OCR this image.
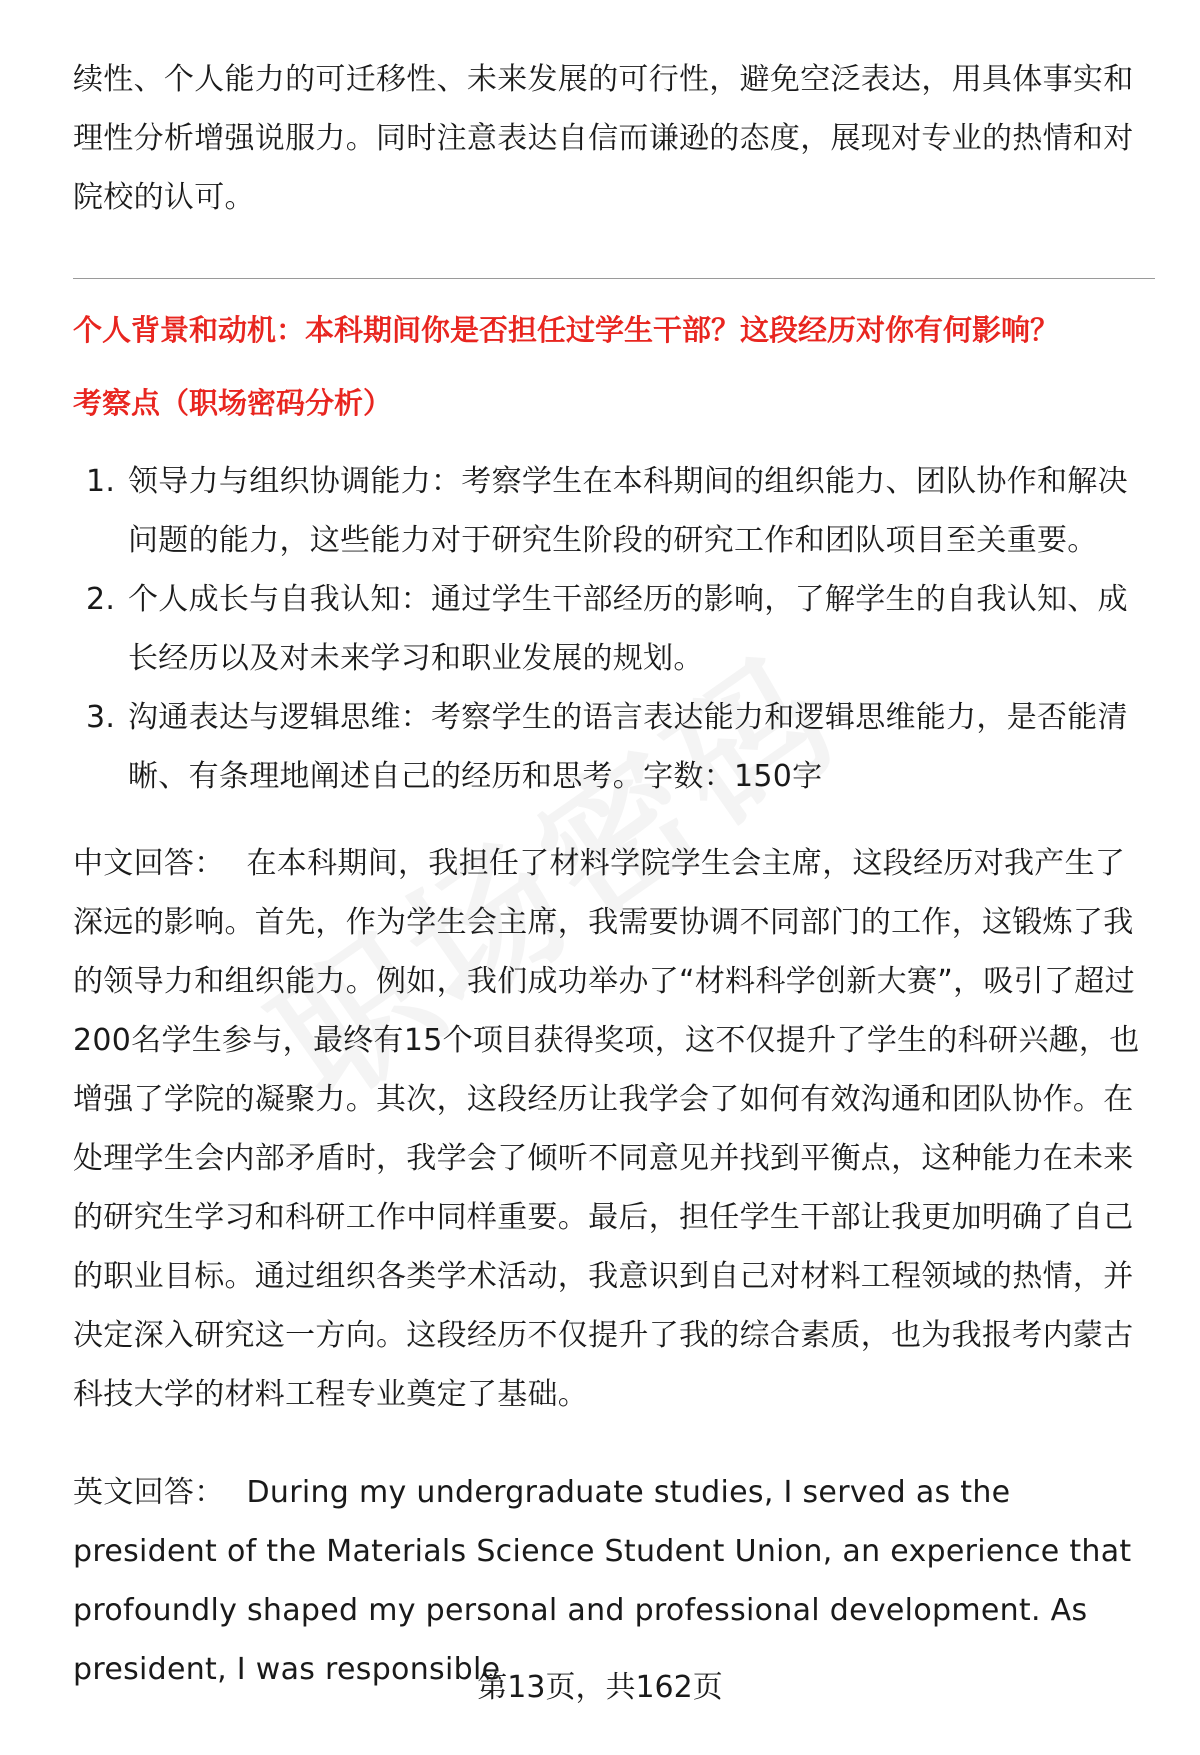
续性、个人能力的可迁移性、未来发展的可行性，避免空泛表达，用具体事实和理性分析增强说服力。同时注意表达自信而谦逊的态度，展现对专业的热情和对院校的认可。

个人背景和动机：本科期间你是否担任过学生干部？这段经历对你有何影响？
考察点（职场密码分析）
1. 领导力与组织协调能力：考察学生在本科期间的组织能力、团队协作和解决问题的能力，这些能力对于研究生阶段的研究工作和团队项目至关重要。
2. 个人成长与自我认知：通过学生干部经历的影响，了解学生的自我认知、成长经历以及对未来学习和职业发展的规划。
3. 沟通表达与逻辑思维：考察学生的语言表达能力和逻辑思维能力，是否能清晰、有条理地阐述自己的经历和思考。字数：150字

中文回答： 在本科期间，我担任了材料学院学生会主席，这段经历对我产生了深远的影响。首先，作为学生会主席，我需要协调不同部门的工作，这锻炼了我的领导力和组织能力。例如，我们成功举办了“材料科学创新大赛”，吸引了超过200名学生参与，最终有15个项目获得奖项，这不仅提升了学生的科研兴趣，也增强了学院的凝聚力。其次，这段经历让我学会了如何有效沟通和团队协作。在处理学生会内部矛盾时，我学会了倾听不同意见并找到平衡点，这种能力在未来的研究生学习和科研工作中同样重要。最后，担任学生干部让我更加明确了自己的职业目标。通过组织各类学术活动，我意识到自己对材料工程领域的热情，并决定深入研究这一方向。这段经历不仅提升了我的综合素质，也为我报考内蒙古科技大学的材料工程专业奠定了基础。

英文回答： During my undergraduate studies, I served as the president of the Materials Science Student Union, an experience that profoundly shaped my personal and professional development. As president, I was responsible

第13页，共162页
